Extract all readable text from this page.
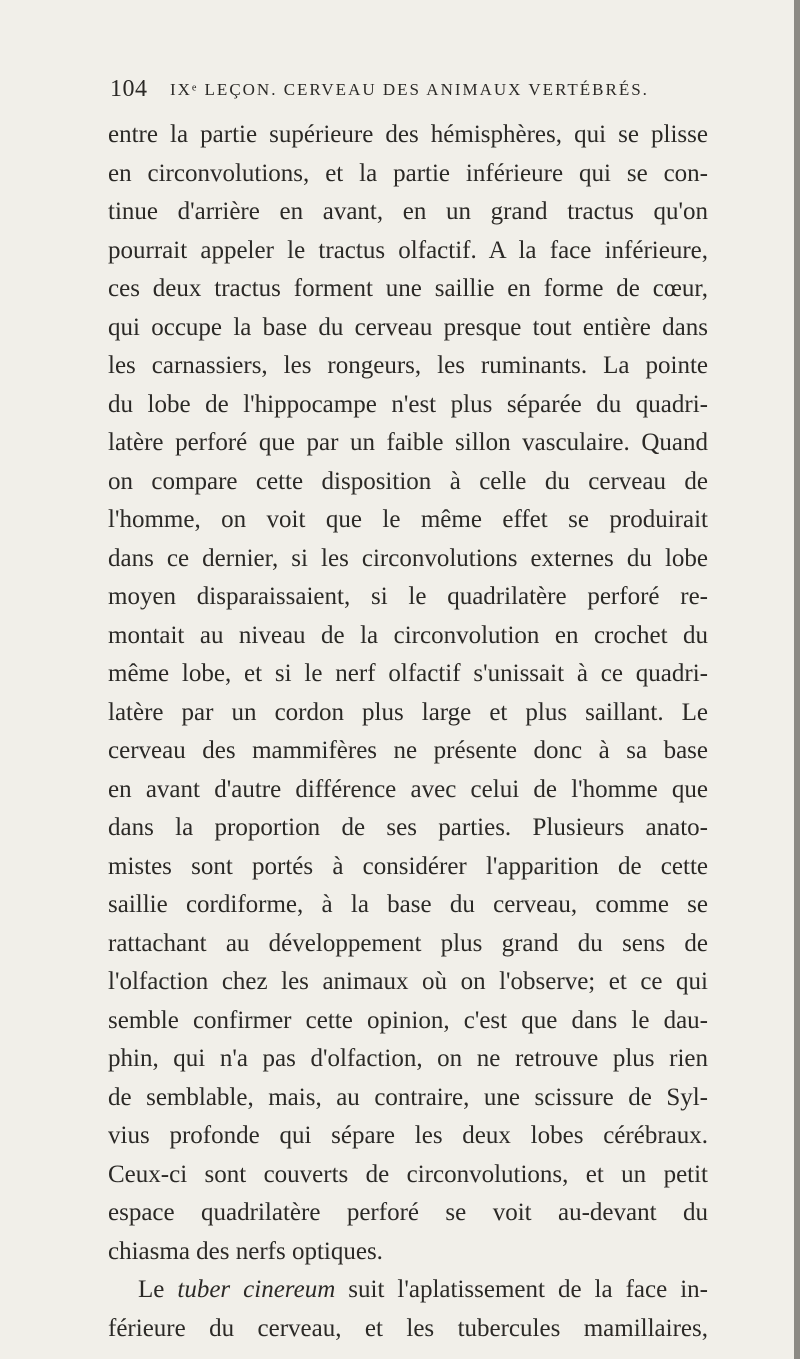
104 IXᵉ LEÇON. CERVEAU DES ANIMAUX VERTÉBRÉS.
entre la partie supérieure des hémisphères, qui se plisse
en circonvolutions, et la partie inférieure qui se con-
tinue d'arrière en avant, en un grand tractus qu'on
pourrait appeler le tractus olfactif. A la face inférieure,
ces deux tractus forment une saillie en forme de cœur,
qui occupe la base du cerveau presque tout entière dans
les carnassiers, les rongeurs, les ruminants. La pointe
du lobe de l'hippocampe n'est plus séparée du quadri-
latère perforé que par un faible sillon vasculaire. Quand
on compare cette disposition à celle du cerveau de
l'homme, on voit que le même effet se produirait
dans ce dernier, si les circonvolutions externes du lobe
moyen disparaissaient, si le quadrilatère perforé re-
montait au niveau de la circonvolution en crochet du
même lobe, et si le nerf olfactif s'unissait à ce quadri-
latère par un cordon plus large et plus saillant. Le
cerveau des mammifères ne présente donc à sa base
en avant d'autre différence avec celui de l'homme que
dans la proportion de ses parties. Plusieurs anato-
mistes sont portés à considérer l'apparition de cette
saillie cordiforme, à la base du cerveau, comme se
rattachant au développement plus grand du sens de
l'olfaction chez les animaux où on l'observe; et ce qui
semble confirmer cette opinion, c'est que dans le dau-
phin, qui n'a pas d'olfaction, on ne retrouve plus rien
de semblable, mais, au contraire, une scissure de Syl-
vius profonde qui sépare les deux lobes cérébraux.
Ceux-ci sont couverts de circonvolutions, et un petit
espace quadrilatère perforé se voit au-devant du
chiasma des nerfs optiques.
Le tuber cinereum suit l'aplatissement de la face in-
férieure du cerveau, et les tubercules mamillaires,
